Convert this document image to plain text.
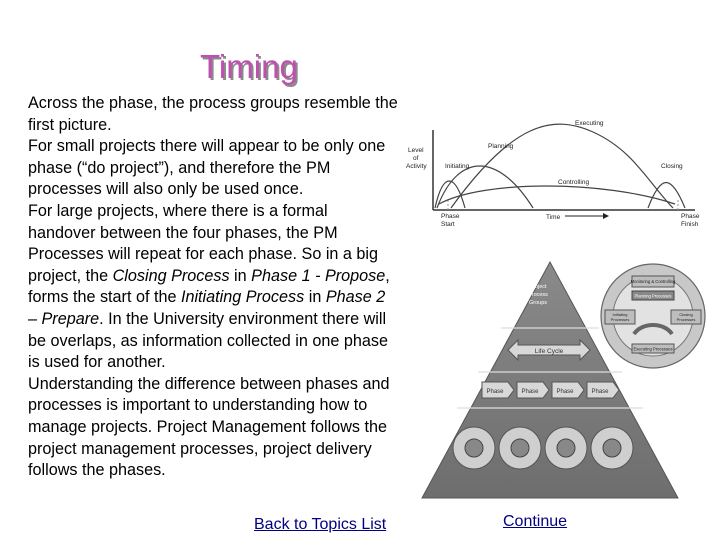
Timing

Across the phase, the process groups resemble the first picture.

For small projects there will appear to be only one phase (“do project”), and therefore the PM processes will also only be used once.

For large projects, where there is a formal handover between the four phases, the PM Processes will repeat for each phase. So in a big project, the Closing Process in Phase 1 - Propose, forms the start of the Initiating Process in Phase 2 – Prepare. In the University environment there will be overlaps, as information collected in one phase is used for another.

Understanding the difference between phases and processes is important to understanding how to manage projects. Project Management follows the project management processes, project delivery follows the phases.

Level
of
Activity
Executing
Planning
Initiating
Controlling
Closing
Phase
Start
Time	Phase
Finish
Project
Process
Groups
Life Cycle
Phase	Phase	Phase	Phase
Monitoring & Controlling
Planning Processes
Initiating
Processes
Closing
Processes
Executing Processes
Back to Topics List	Continue
